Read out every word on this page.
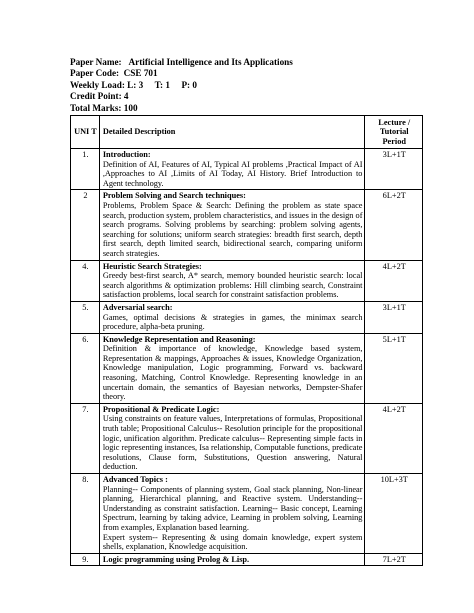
Paper Name: Artificial Intelligence and Its Applications
Paper Code: CSE 701
Weekly Load: L: 3     T: 1     P: 0
Credit Point: 4
Total Marks: 100
UNI T	Detailed Description	Lecture / Tutorial Period
1.	Introduction:
Definition of AI, Features of AI, Typical AI problems ,Practical Impact of AI ,Approaches to AI ,Limits of AI Today, AI History. Brief Introduction to Agent technology.	3L+1T
2	Problem Solving and Search techniques:
Problems, Problem Space & Search: Defining the problem as state space search, production system, problem characteristics, and issues in the design of search programs. Solving problems by searching: problem solving agents, searching for solutions; uniform search strategies: breadth first search, depth first search, depth limited search, bidirectional search, comparing uniform search strategies.	6L+2T
4.	Heuristic Search Strategies:
Greedy best-first search, A* search, memory bounded heuristic search: local search algorithms & optimization problems: Hill climbing search, Constraint satisfaction problems, local search for constraint satisfaction problems.	4L+2T
5.	Adversarial search:
Games, optimal decisions & strategies in games, the minimax search procedure, alpha-beta pruning.	3L+1T
6.	Knowledge Representation and Reasoning:
Definition & importance of knowledge, Knowledge based system, Representation & mappings, Approaches & issues, Knowledge Organization, Knowledge manipulation, Logic programming, Forward vs. backward reasoning, Matching, Control Knowledge. Representing knowledge in an uncertain domain, the semantics of Bayesian networks, Dempster-Shafer theory.	5L+1T
7.	Propositional & Predicate Logic:
Using constraints on feature values, Interpretations of formulas, Propositional truth table; Propositional Calculus-- Resolution principle for the propositional logic, unification algorithm. Predicate calculus-- Representing simple facts in logic representing instances, Isa relationship, Computable functions, predicate resolutions, Clause form, Substitutions, Question answering, Natural deduction.	4L+2T
8.	Advanced Topics :
Planning-- Components of planning system, Goal stack planning, Non-linear planning, Hierarchical planning, and Reactive system. Understanding-- Understanding as constraint satisfaction. Learning-- Basic concept, Learning Spectrum, learning by taking advice, Learning in problem solving, Learning from examples, Explanation based learning.
Expert system-- Representing & using domain knowledge, expert system shells, explanation, Knowledge acquisition.	10L+3T
9.	Logic programming using Prolog & Lisp.	7L+2T
